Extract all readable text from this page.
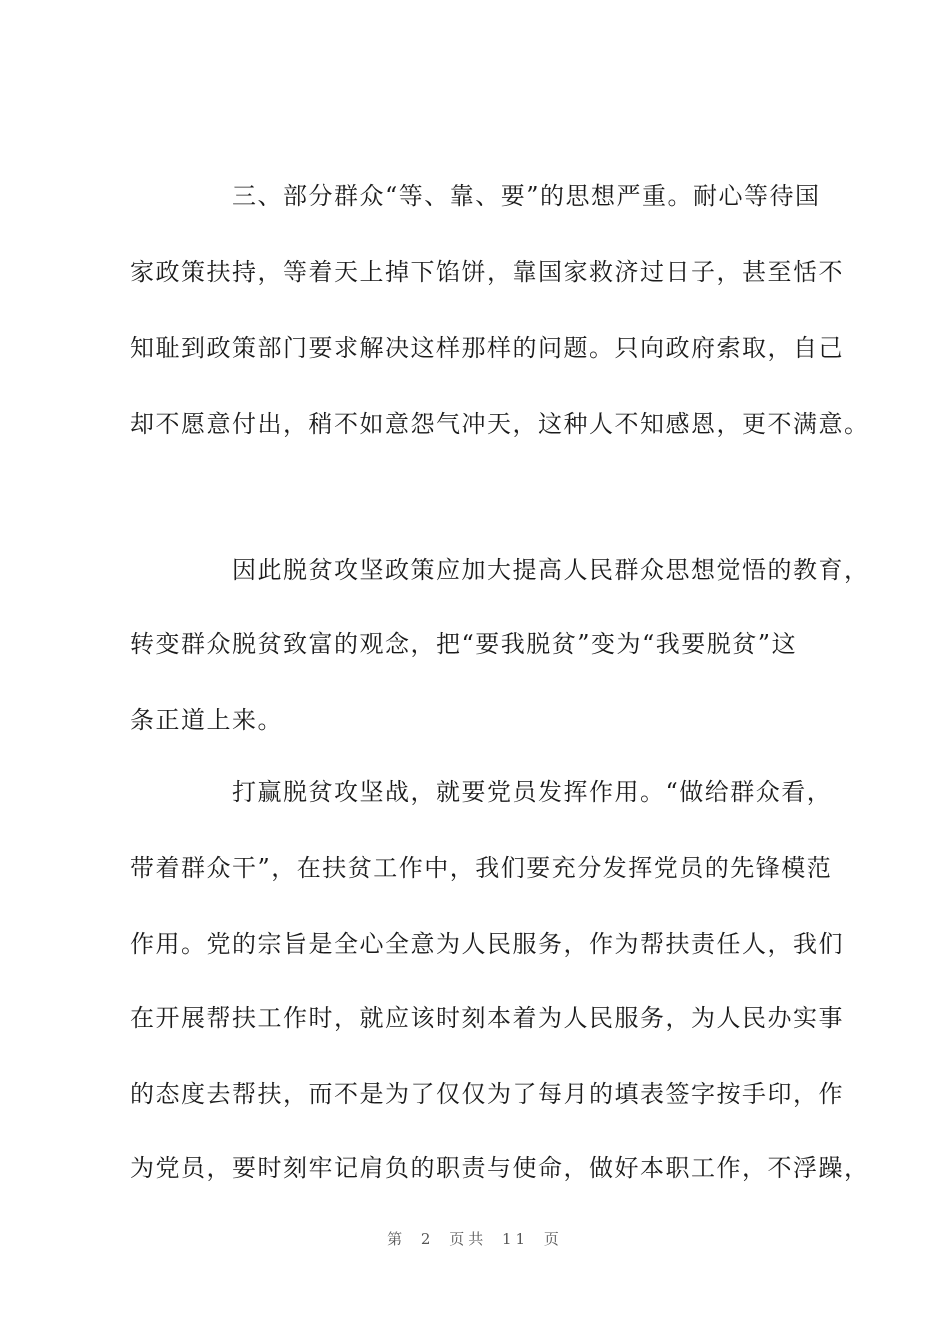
三、部分群众“等、靠、要”的思想严重。耐心等待国
家政策扶持，等着天上掉下馅饼，靠国家救济过日子，甚至恬不
知耻到政策部门要求解决这样那样的问题。只向政府索取，自己
却不愿意付出，稍不如意怨气冲天，这种人不知感恩，更不满意。
因此脱贫攻坚政策应加大提高人民群众思想觉悟的教育，
转变群众脱贫致富的观念，把“要我脱贫”变为“我要脱贫”这
条正道上来。
打赢脱贫攻坚战，就要党员发挥作用。“做给群众看，
带着群众干”，在扶贫工作中，我们要充分发挥党员的先锋模范
作用。党的宗旨是全心全意为人民服务，作为帮扶责任人，我们
在开展帮扶工作时，就应该时刻本着为人民服务，为人民办实事
的态度去帮扶，而不是为了仅仅为了每月的填表签字按手印，作
为党员，要时刻牢记肩负的职责与使命，做好本职工作，不浮躁，
第 2 页共 11 页
